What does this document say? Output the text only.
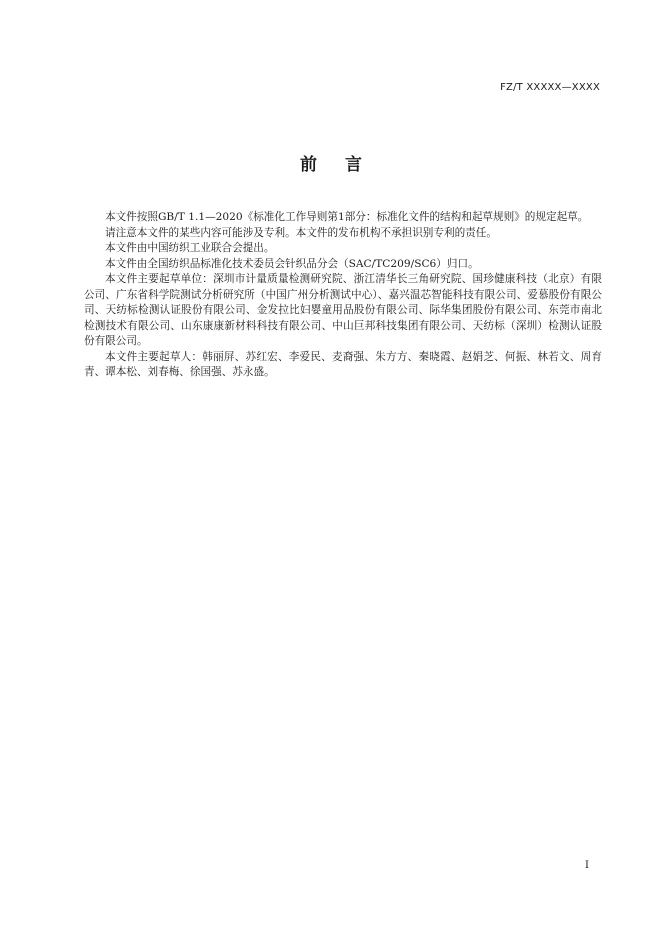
FZ/T XXXXX—XXXX
前言

本文件按照GB/T 1.1—2020《标准化工作导则第1部分：标准化文件的结构和起草规则》的规定起草。

请注意本文件的某些内容可能涉及专利。本文件的发布机构不承担识别专利的责任。

本文件由中国纺织工业联合会提出。

本文件由全国纺织品标准化技术委员会针织品分会（SAC/TC209/SC6）归口。

本文件主要起草单位：深圳市计量质量检测研究院、浙江清华长三角研究院、国珍健康科技（北京）有限公司、广东省科学院测试分析研究所（中国广州分析测试中心）、嘉兴温芯智能科技有限公司、爱慕股份有限公司、天纺标检测认证股份有限公司、金发拉比妇婴童用品股份有限公司、际华集团股份有限公司、东莞市南北检测技术有限公司、山东康康新材料科技有限公司、中山巨邦科技集团有限公司、天纺标（深圳）检测认证股份有限公司。

本文件主要起草人：韩丽屏、苏红宏、李爱民、麦裔强、朱方方、秦晓霞、赵娟芝、何振、林若文、周育青、谭本松、刘春梅、徐国强、苏永盛。

I
